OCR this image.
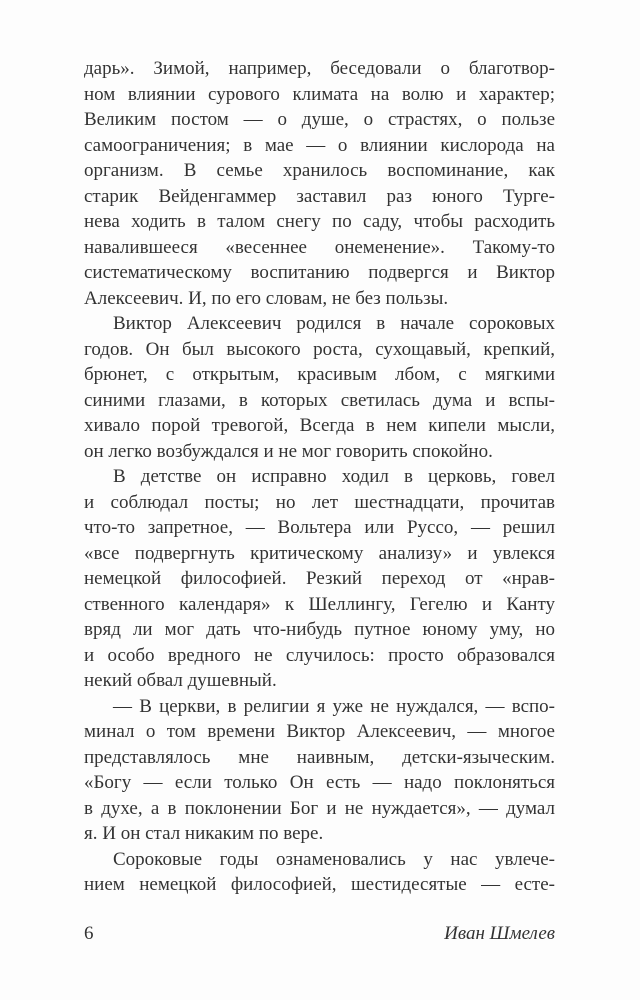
дарь». Зимой, например, беседовали о благотвор-
ном влиянии сурового климата на волю и характер;
Великим постом — о душе, о страстях, о пользе
самоограничения; в мае — о влиянии кислорода на
организм. В семье хранилось воспоминание, как
старик Вейденгаммер заставил раз юного Турге-
нева ходить в талом снегу по саду, чтобы расходить
навалившееся «весеннее онеменение». Такому-то
систематическому воспитанию подвергся и Виктор
Алексеевич. И, по его словам, не без пользы.
Виктор Алексеевич родился в начале сороковых
годов. Он был высокого роста, сухощавый, крепкий,
брюнет, с открытым, красивым лбом, с мягкими
синими глазами, в которых светилась дума и вспы-
хивало порой тревогой, Всегда в нем кипели мысли,
он легко возбуждался и не мог говорить спокойно.
В детстве он исправно ходил в церковь, говел
и соблюдал посты; но лет шестнадцати, прочитав
что-то запретное, — Вольтера или Руссо, — решил
«все подвергнуть критическому анализу» и увлекся
немецкой философией. Резкий переход от «нрав-
ственного календаря» к Шеллингу, Гегелю и Канту
вряд ли мог дать что-нибудь путное юному уму, но
и особо вредного не случилось: просто образовался
некий обвал душевный.
— В церкви, в религии я уже не нуждался, — вспо-
минал о том времени Виктор Алексеевич, — многое
представлялось мне наивным, детски-языческим.
«Богу — если только Он есть — надо поклоняться
в духе, а в поклонении Бог и не нуждается», — думал
я. И он стал никаким по вере.
Сороковые годы ознаменовались у нас увлече-
нием немецкой философией, шестидесятые — есте-
6	Иван Шмелев
